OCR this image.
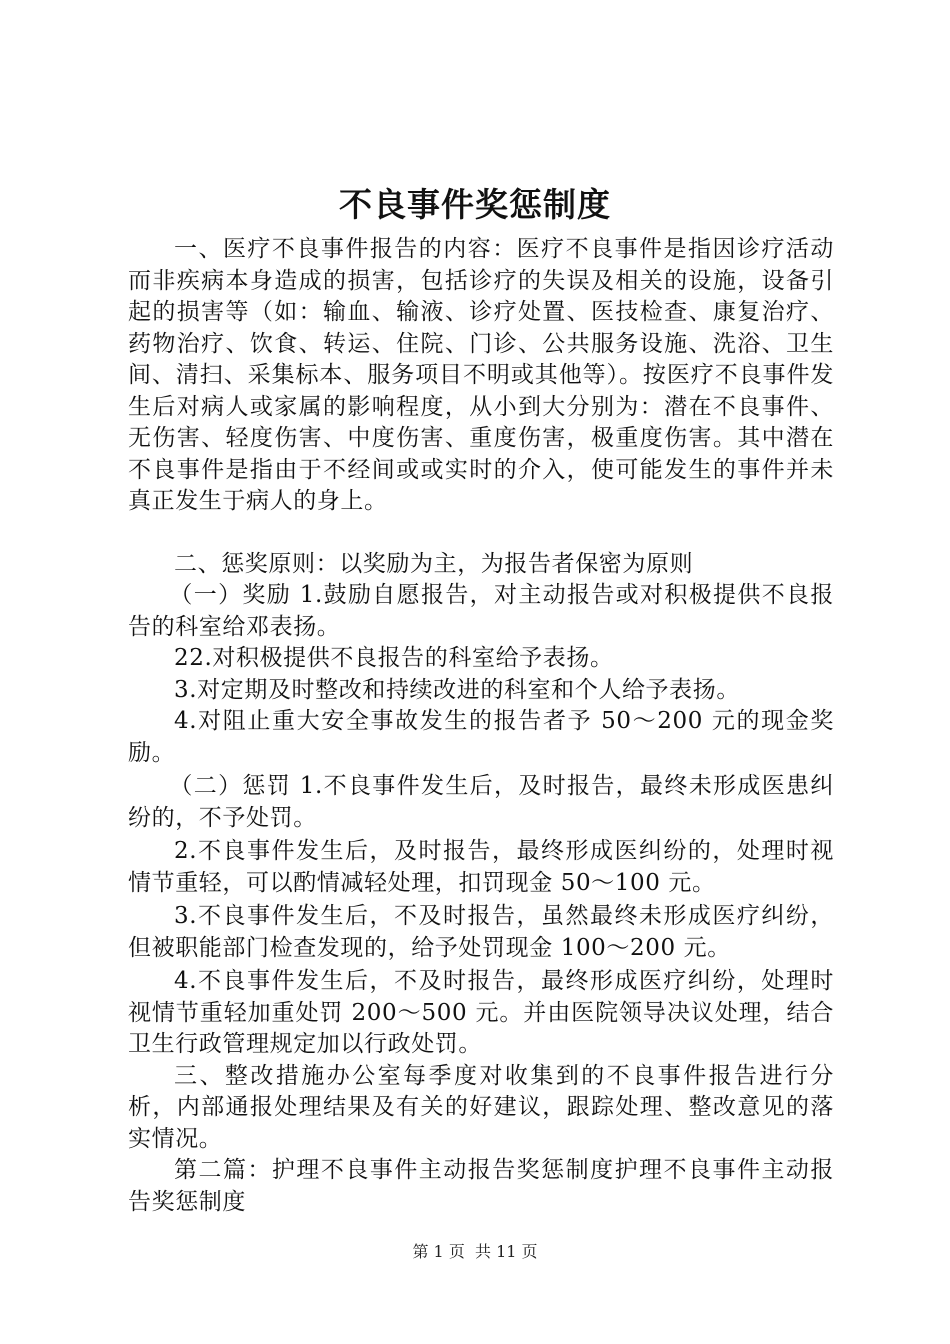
不良事件奖惩制度

一、医疗不良事件报告的内容：医疗不良事件是指因诊疗活动而非疾病本身造成的损害，包括诊疗的失误及相关的设施，设备引起的损害等（如：输血、输液、诊疗处置、医技检查、康复治疗、药物治疗、饮食、转运、住院、门诊、公共服务设施、洗浴、卫生间、清扫、采集标本、服务项目不明或其他等）。按医疗不良事件发生后对病人或家属的影响程度，从小到大分别为：潜在不良事件、无伤害、轻度伤害、中度伤害、重度伤害，极重度伤害。其中潜在不良事件是指由于不经间或或实时的介入，使可能发生的事件并未真正发生于病人的身上。

二、惩奖原则：以奖励为主，为报告者保密为原则

（一）奖励 1.鼓励自愿报告，对主动报告或对积极提供不良报告的科室给邓表扬。

22.对积极提供不良报告的科室给予表扬。

3.对定期及时整改和持续改进的科室和个人给予表扬。

4.对阻止重大安全事故发生的报告者予 50～200 元的现金奖励。

（二）惩罚 1.不良事件发生后，及时报告，最终未形成医患纠纷的，不予处罚。

2.不良事件发生后，及时报告，最终形成医纠纷的，处理时视情节重轻，可以酌情减轻处理，扣罚现金 50～100 元。

3.不良事件发生后，不及时报告，虽然最终未形成医疗纠纷，但被职能部门检查发现的，给予处罚现金 100～200 元。

4.不良事件发生后，不及时报告，最终形成医疗纠纷，处理时视情节重轻加重处罚 200～500 元。并由医院领导决议处理，结合卫生行政管理规定加以行政处罚。

三、整改措施办公室每季度对收集到的不良事件报告进行分析，内部通报处理结果及有关的好建议，跟踪处理、整改意见的落实情况。

第二篇：护理不良事件主动报告奖惩制度护理不良事件主动报告奖惩制度

第 1 页  共 11 页
